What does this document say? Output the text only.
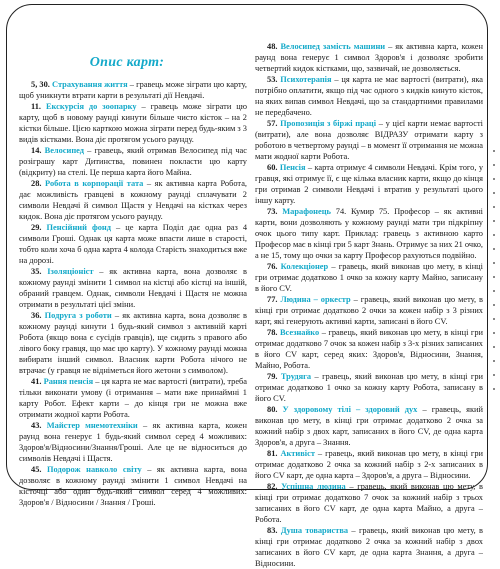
Опис карт:
5, 30. Страхування життя – гравець може зіграти цю карту, щоб уникнути втрати карти в результаті дії Невдачі.
11. Екскурсія до зоопарку – гравець може зіграти цю карту, щоб в новому раунді кинути більше чисто кісток – на 2 кістки більше. Цією карткою можна зіграти перед будь-яким з 3 видів кістками. Вона діє протягом усього раунду.
14. Велосипед – гравець, який отримав Велосипед під час розіграшу карт Дитинства, повинен покласти цю карту (відкриту) на стелі. Це перша карта його Майна.
28. Робота в корпорації тата – як активна карта Робота, дає можливість гравцеві в кожному раунді сплачувати 2 символи Невдачі й символ Щастя у Невдачі на кістках через кидок. Вона діє протягом усього раунду.
29. Пенсійний фонд – це карта Поділ дає одна раз 4 символи Гроші. Однак ця карта може впасти лише в старості, тобто коли хоча б одна карта 4 колода Старість знаходиться вже на дорозі.
35. Ізоляціоніст – як активна карта, вона дозволяє в кожному раунді змінити 1 символ на кістці або кістці на іншій, обраний гравцем. Однак, символи Невдачі і Щастя не можна отримати в результаті цієї зміни.
36. Подруга з роботи – як активна карта, вона дозволяє в кожному раунді кинути 1 будь-який символ з активній карті Робота (якщо вона є сусідів гравців), ще сидить з правого або лівого боку гравця, що має цю карту). У кожному раунді можна вибирати інший символ. Власник карти Робота нічого не втрачає (у гравця не відніметься його жетони з символом).
41. Рання пенсія – ця карта не має вартості (витрати), треба тільки виконати умову (і отримання – мати вже принаймні 1 карту Робот. Ефект карти – до кінця гри не можна вже отримати жодної карти Робота.
43. Майстер мнемотехніки – як активна карта, кожен раунд вона генерує 1 будь-який символ серед 4 можливих: Здоров'я/Відносини/Знання/Гроші. Але це не відноситься до символів Невдачі і Щастя.
45. Подорож навколо світу – як активна карта, вона дозволяє в кожному раунді змінити 1 символ Невдачі на кісточці або один будь-який символ серед 4 можливих: Здоров'я / Відносини / Знання / Гроші.
48. Велосипед замість машини – як активна карта, кожен раунд вона генерує 1 символ Здоров'я і дозволяє зробити четвертий кидок кістками, що, зазвичай, не дозволяється.
53. Психотерапія – ця карта не має вартості (витрати), яка потрібно оплатити, якщо під час одного з кидків кинуто кісток, на яких випав символ Невдачі, що за стандартними правилами не передбачено.
57. Пропозиція з біржі праці – у цієї карти немає вартості (витрати), але вона дозволяє ВІДРАЗУ отримати карту з роботою в четвертому раунді – в момент її отримання не можна мати жодної карти Робота.
60. Пенсія – карта отримує 4 символи Невдачі. Крім того, у гравця, які отримує її, є ще кілька власник карти, якщо до кінця гри отримав 2 символи Невдачі і втратив у результаті цього іншу карту.
73. Марафонець 74. Кумир 75. Професор – як активні карти, вони дозволяють у кожному раунді мати три підкріпну очок цього типу карт. Приклад: гравець з активною карто Професор має в кінці гри 5 карт Знань. Отримує за них 21 очко, а не 15, тому що очки за карту Професор рахуються подвійно.
76. Колекціонер – гравець, який виконав цю мету, в кінці гри отримає додатково 1 очко за кожну карту Майно, записану в його CV.
77. Людина – оркестр – гравець, який виконав цю мету, в кінці гри отримає додатково 2 очки за кожен набір з 3 різних карт, які генерують активні карти, записані в його CV.
78. Всезнайко – гравець, який виконав цю мету, в кінці гри отримає додатково 7 очок за кожен набір з 3-х різних записаних в його CV карт, серед яких: Здоров'я, Відносини, Знання, Майно, Робота.
79. Трудяга – гравець, який виконав цю мету, в кінці гри отримає додатково 1 очко за кожну карту Робота, записану в його CV.
80. У здоровому тілі – здоровий дух – гравець, який виконав цю мету, в кінці гри отримає додатково 2 очка за кожний набір з двох карт, записаних в його CV, де одна карта Здоров'я, а друга – Знання.
81. Активіст – гравець, який виконав цю мету, в кінці гри отримає додатково 2 очка за кожний набір з 2-х записаних в його CV карт, де одна карта – Здоров'я, а друга – Відносини.
82. Успішна людина – гравець, який виконав цю мету, в кінці гри отримає додатково 7 очок за кожний набір з трьох записаних в його CV карт, де одна карта Майно, а друга – Робота.
83. Душа товариства – гравець, який виконав цю мету, в кінці гри отримає додатково 2 очка за кожний набір з двох записаних в його CV карт, де одна карта Знання, а друга – Відносини.
